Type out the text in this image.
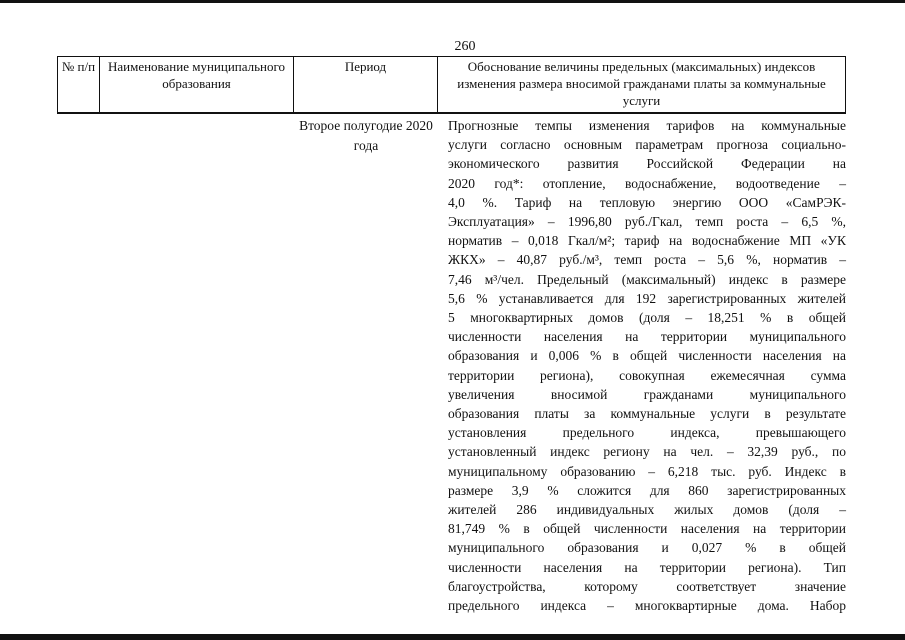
260
№ п/п Наименование муниципального образования
Период	Обоснование величины предельных (максимальных) индексов изменения размера вносимой гражданами платы за коммунальные услуги
Второе полугодие 2020 года
Прогнозные темпы изменения тарифов на коммунальные
услуги согласно основным параметрам прогноза социально-
экономического развития Российской Федерации на
2020 год*: отопление, водоснабжение, водоотведение –
4,0 %. Тариф на тепловую энергию ООО «СамРЭК-
Эксплуатация» – 1996,80 руб./Гкал, темп роста – 6,5 %,
норматив – 0,018 Гкал/м²; тариф на водоснабжение МП «УК
ЖКХ» – 40,87 руб./м³, темп роста – 5,6 %, норматив –
7,46 м³/чел. Предельный (максимальный) индекс в размере
5,6 % устанавливается для 192 зарегистрированных жителей
5 многоквартирных домов (доля – 18,251 % в общей
численности населения на территории муниципального
образования и 0,006 % в общей численности населения на
территории региона), совокупная ежемесячная сумма
увеличения вносимой гражданами муниципального
образования платы за коммунальные услуги в результате
установления предельного индекса, превышающего
установленный индекс региону на чел. – 32,39 руб., по
муниципальному образованию – 6,218 тыс. руб. Индекс в
размере 3,9 % сложится для 860 зарегистрированных
жителей 286 индивидуальных жилых домов (доля –
81,749 % в общей численности населения на территории
муниципального образования и 0,027 % в общей
численности населения на территории региона). Тип
благоустройства, которому соответствует значение
предельного индекса – многоквартирные дома. Набор
